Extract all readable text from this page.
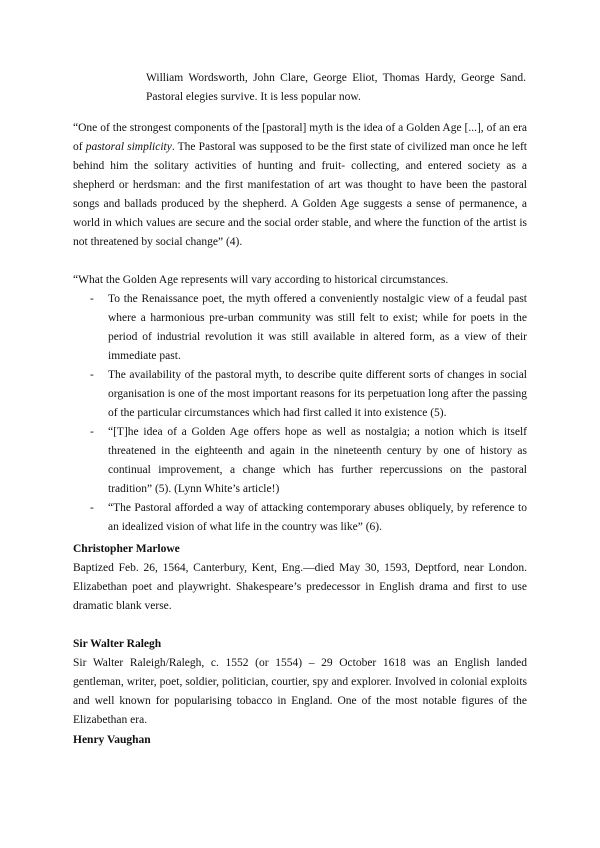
William Wordsworth, John Clare, George Eliot, Thomas Hardy, George Sand. Pastoral elegies survive. It is less popular now.
“One of the strongest components of the [pastoral] myth is the idea of a Golden Age [...], of an era of pastoral simplicity. The Pastoral was supposed to be the first state of civilized man once he left behind him the solitary activities of hunting and fruit- collecting, and entered society as a shepherd or herdsman: and the first manifestation of art was thought to have been the pastoral songs and ballads produced by the shepherd. A Golden Age suggests a sense of permanence, a world in which values are secure and the social order stable, and where the function of the artist is not threatened by social change” (4).
“What the Golden Age represents will vary according to historical circumstances.
- To the Renaissance poet, the myth offered a conveniently nostalgic view of a feudal past where a harmonious pre-urban community was still felt to exist; while for poets in the period of industrial revolution it was still available in altered form, as a view of their immediate past.
- The availability of the pastoral myth, to describe quite different sorts of changes in social organisation is one of the most important reasons for its perpetuation long after the passing of the particular circumstances which had first called it into existence (5).
- “[T]he idea of a Golden Age offers hope as well as nostalgia; a notion which is itself threatened in the eighteenth and again in the nineteenth century by one of history as continual improvement, a change which has further repercussions on the pastoral tradition” (5). (Lynn White’s article!)
- “The Pastoral afforded a way of attacking contemporary abuses obliquely, by reference to an idealized vision of what life in the country was like” (6).
Christopher Marlowe
Baptized Feb. 26, 1564, Canterbury, Kent, Eng.—died May 30, 1593, Deptford, near London. Elizabethan poet and playwright. Shakespeare’s predecessor in English drama and first to use dramatic blank verse.
Sir Walter Ralegh
Sir Walter Raleigh/Ralegh, c. 1552 (or 1554) – 29 October 1618 was an English landed gentleman, writer, poet, soldier, politician, courtier, spy and explorer. Involved in colonial exploits and well known for popularising tobacco in England. One of the most notable figures of the Elizabethan era.
Henry Vaughan
